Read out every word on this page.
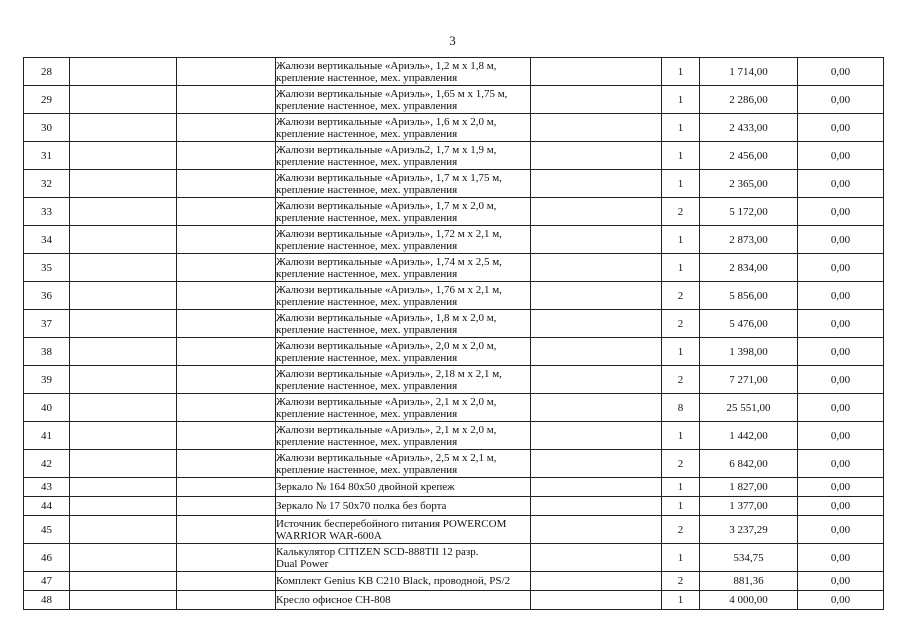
3
28			Жалюзи вертикальные «Ариэль», 1,2 м х 1,8 м,
крепление настенное, мех. управления		1	1 714,00	0,00
29			Жалюзи вертикальные «Ариэль», 1,65 м х 1,75 м,
крепление настенное, мех. управления		1	2 286,00	0,00
30			Жалюзи вертикальные «Ариэль», 1,6 м х 2,0 м,
крепление настенное, мех. управления		1	2 433,00	0,00
31			Жалюзи вертикальные «Ариэль2, 1,7 м х 1,9 м,
крепление настенное, мех. управления		1	2 456,00	0,00
32			Жалюзи вертикальные «Ариэль», 1,7 м х 1,75 м,
крепление настенное, мех. управления		1	2 365,00	0,00
33			Жалюзи вертикальные «Ариэль», 1,7 м х 2,0 м,
крепление настенное, мех. управления		2	5 172,00	0,00
34			Жалюзи вертикальные «Ариэль», 1,72 м х 2,1 м,
крепление настенное, мех. управления		1	2 873,00	0,00
35			Жалюзи вертикальные «Ариэль», 1,74 м х 2,5 м,
крепление настенное, мех. управления		1	2 834,00	0,00
36			Жалюзи вертикальные «Ариэль», 1,76 м х 2,1 м,
крепление настенное, мех. управления		2	5 856,00	0,00
37			Жалюзи вертикальные «Ариэль», 1,8 м х 2,0 м,
крепление настенное, мех. управления		2	5 476,00	0,00
38			Жалюзи вертикальные «Ариэль», 2,0 м х 2,0 м,
крепление настенное, мех. управления		1	1 398,00	0,00
39			Жалюзи вертикальные «Ариэль», 2,18 м х 2,1 м,
крепление настенное, мех. управления		2	7 271,00	0,00
40			Жалюзи вертикальные «Ариэль», 2,1 м х 2,0 м,
крепление настенное, мех. управления		8	25 551,00	0,00
41			Жалюзи вертикальные «Ариэль», 2,1 м х 2,0 м,
крепление настенное, мех. управления		1	1 442,00	0,00
42			Жалюзи вертикальные «Ариэль», 2,5 м х 2,1 м,
крепление настенное, мех. управления		2	6 842,00	0,00
43			Зеркало № 164 80х50 двойной крепеж		1	1 827,00	0,00
44			Зеркало № 17 50х70 полка без борта		1	1 377,00	0,00
45			Источник бесперебойного питания POWERCOM
WARRIOR WAR-600A		2	3 237,29	0,00
46			Калькулятор CITIZEN SCD-888TII 12 разр.
Dual Power		1	534,75	0,00
47			Комплект Genius KB C210 Black, проводной, PS/2		2	881,36	0,00
48			Кресло офисное СН-808		1	4 000,00	0,00
